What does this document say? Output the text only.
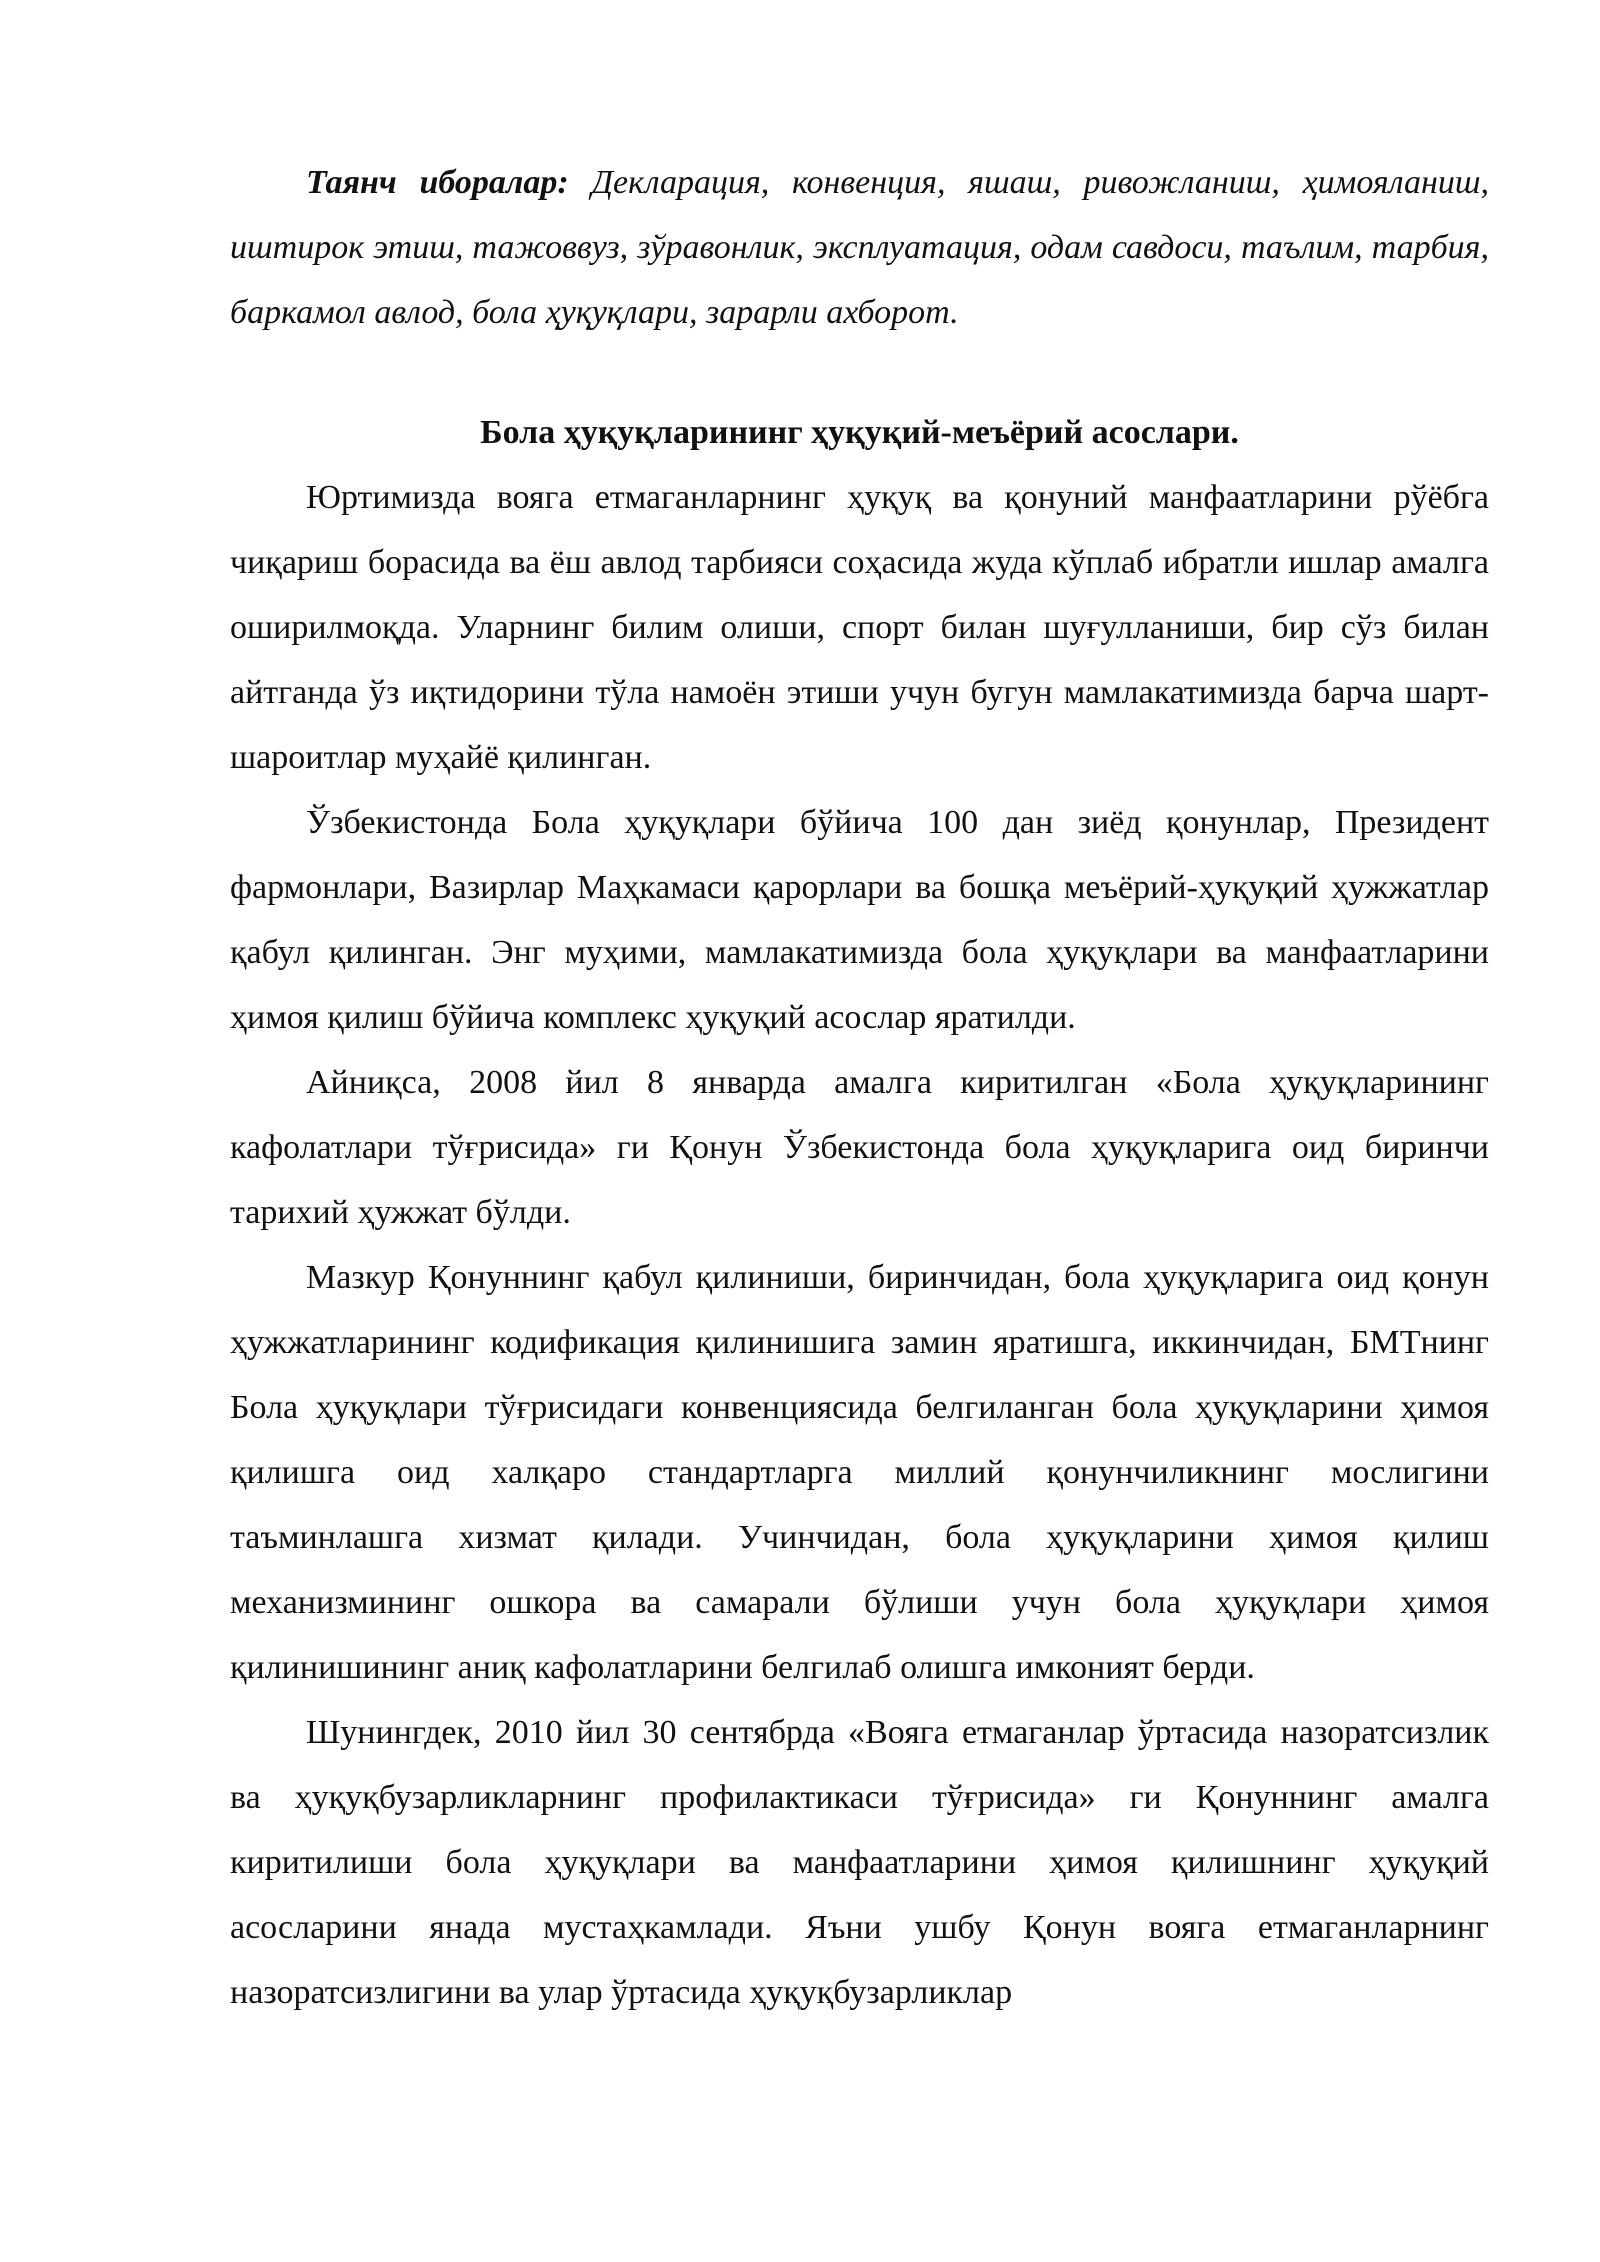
Таянч иборалар: Декларация, конвенция, яшаш, ривожланиш, ҳимояланиш, иштирок этиш, тажоввуз, зўравонлик, эксплуатация, одам савдоси, таълим, тарбия, баркамол авлод, бола ҳуқуқлари, зарарли ахборот.

Бола ҳуқуқларининг ҳуқуқий-меъёрий асослари.

Юртимизда вояга етмаганларнинг ҳуқуқ ва қонуний манфаатларини рўёбга чиқариш борасида ва ёш авлод тарбияси соҳасида жуда кўплаб ибратли ишлар амалга оширилмоқда. Уларнинг билим олиши, спорт билан шуғулланиши, бир сўз билан айтганда ўз иқтидорини тўла намоён этиши учун бугун мамлакатимизда барча шарт-шароитлар муҳайё қилинган.

Ўзбекистонда Бола ҳуқуқлари бўйича 100 дан зиёд қонунлар, Президент фармонлари, Вазирлар Маҳкамаси қарорлари ва бошқа меъёрий-ҳуқуқий ҳужжатлар қабул қилинган. Энг муҳими, мамлакатимизда бола ҳуқуқлари ва манфаатларини ҳимоя қилиш бўйича комплекс ҳуқуқий асослар яратилди.

Айниқса, 2008 йил 8 январда амалга киритилган «Бола ҳуқуқларининг кафолатлари тўғрисида» ги Қонун Ўзбекистонда бола ҳуқуқларига оид биринчи тарихий ҳужжат бўлди.

Мазкур Қонуннинг қабул қилиниши, биринчидан, бола ҳуқуқларига оид қонун ҳужжатларининг кодификация қилинишига замин яратишга, иккинчидан, БМТнинг Бола ҳуқуқлари тўғрисидаги конвенциясида белгиланган бола ҳуқуқларини ҳимоя қилишга оид халқаро стандартларга миллий қонунчиликнинг мослигини таъминлашга хизмат қилади. Учинчидан, бола ҳуқуқларини ҳимоя қилиш механизмининг ошкора ва самарали бўлиши учун бола ҳуқуқлари ҳимоя қилинишининг аниқ кафолатларини белгилаб олишга имконият берди.

Шунингдек, 2010 йил 30 сентябрда «Вояга етмаганлар ўртасида назоратсизлик ва ҳуқуқбузарликларнинг профилактикаси тўғрисида» ги Қонуннинг амалга киритилиши бола ҳуқуқлари ва манфаатларини ҳимоя қилишнинг ҳуқуқий асосларини янада мустаҳкамлади. Яъни ушбу Қонун вояга етмаганларнинг назоратсизлигини ва улар ўртасида ҳуқуқбузарликлар
